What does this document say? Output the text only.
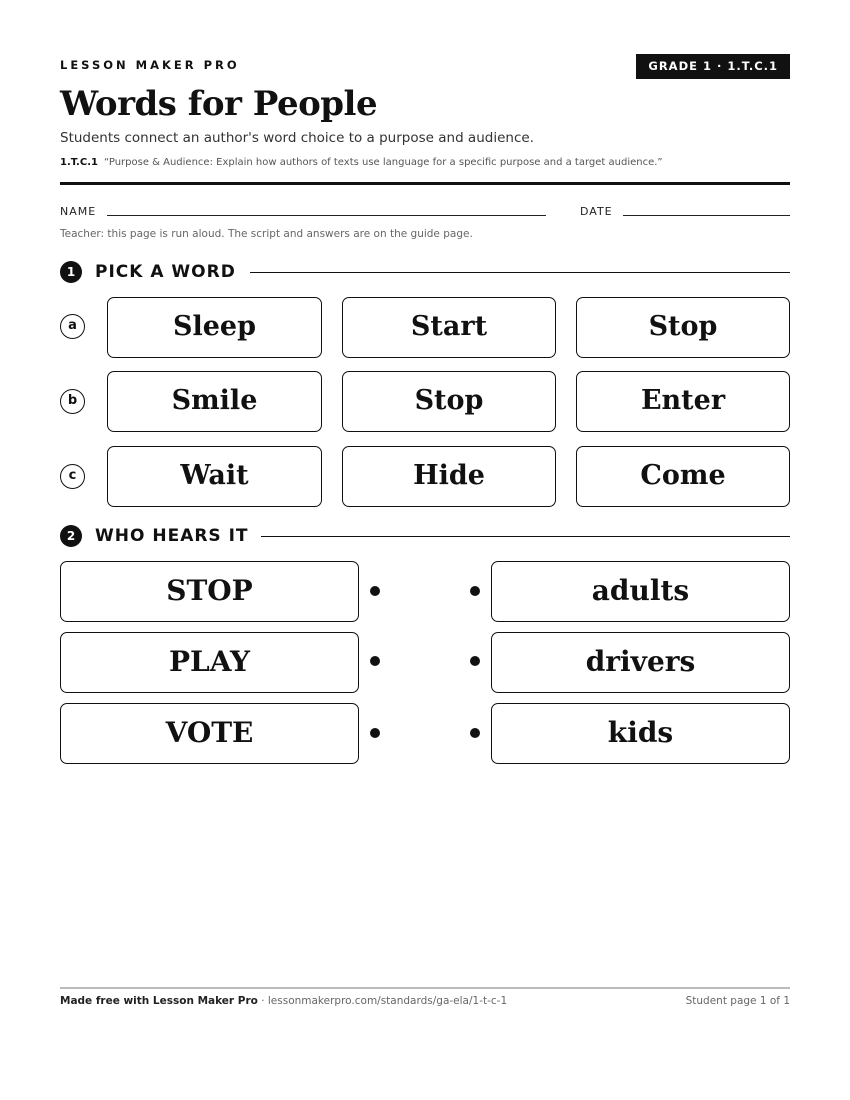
LESSON MAKER PRO	GRADE 1 · 1.T.C.1
Words for People
Students connect an author's word choice to a purpose and audience.
1.T.C.1 “Purpose & Audience: Explain how authors of texts use language for a specific purpose and a target audience.”
NAME	DATE
Teacher: this page is run aloud. The script and answers are on the guide page.
1	PICK A WORD
a	Sleep	Start	Stop
b	Smile	Stop	Enter
c	Wait	Hide	Come
2	WHO HEARS IT
STOP	adults
PLAY	drivers
VOTE	kids
Made free with Lesson Maker Pro · lessonmakerpro.com/standards/ga-ela/1-t-c-1	Student page 1 of 1
